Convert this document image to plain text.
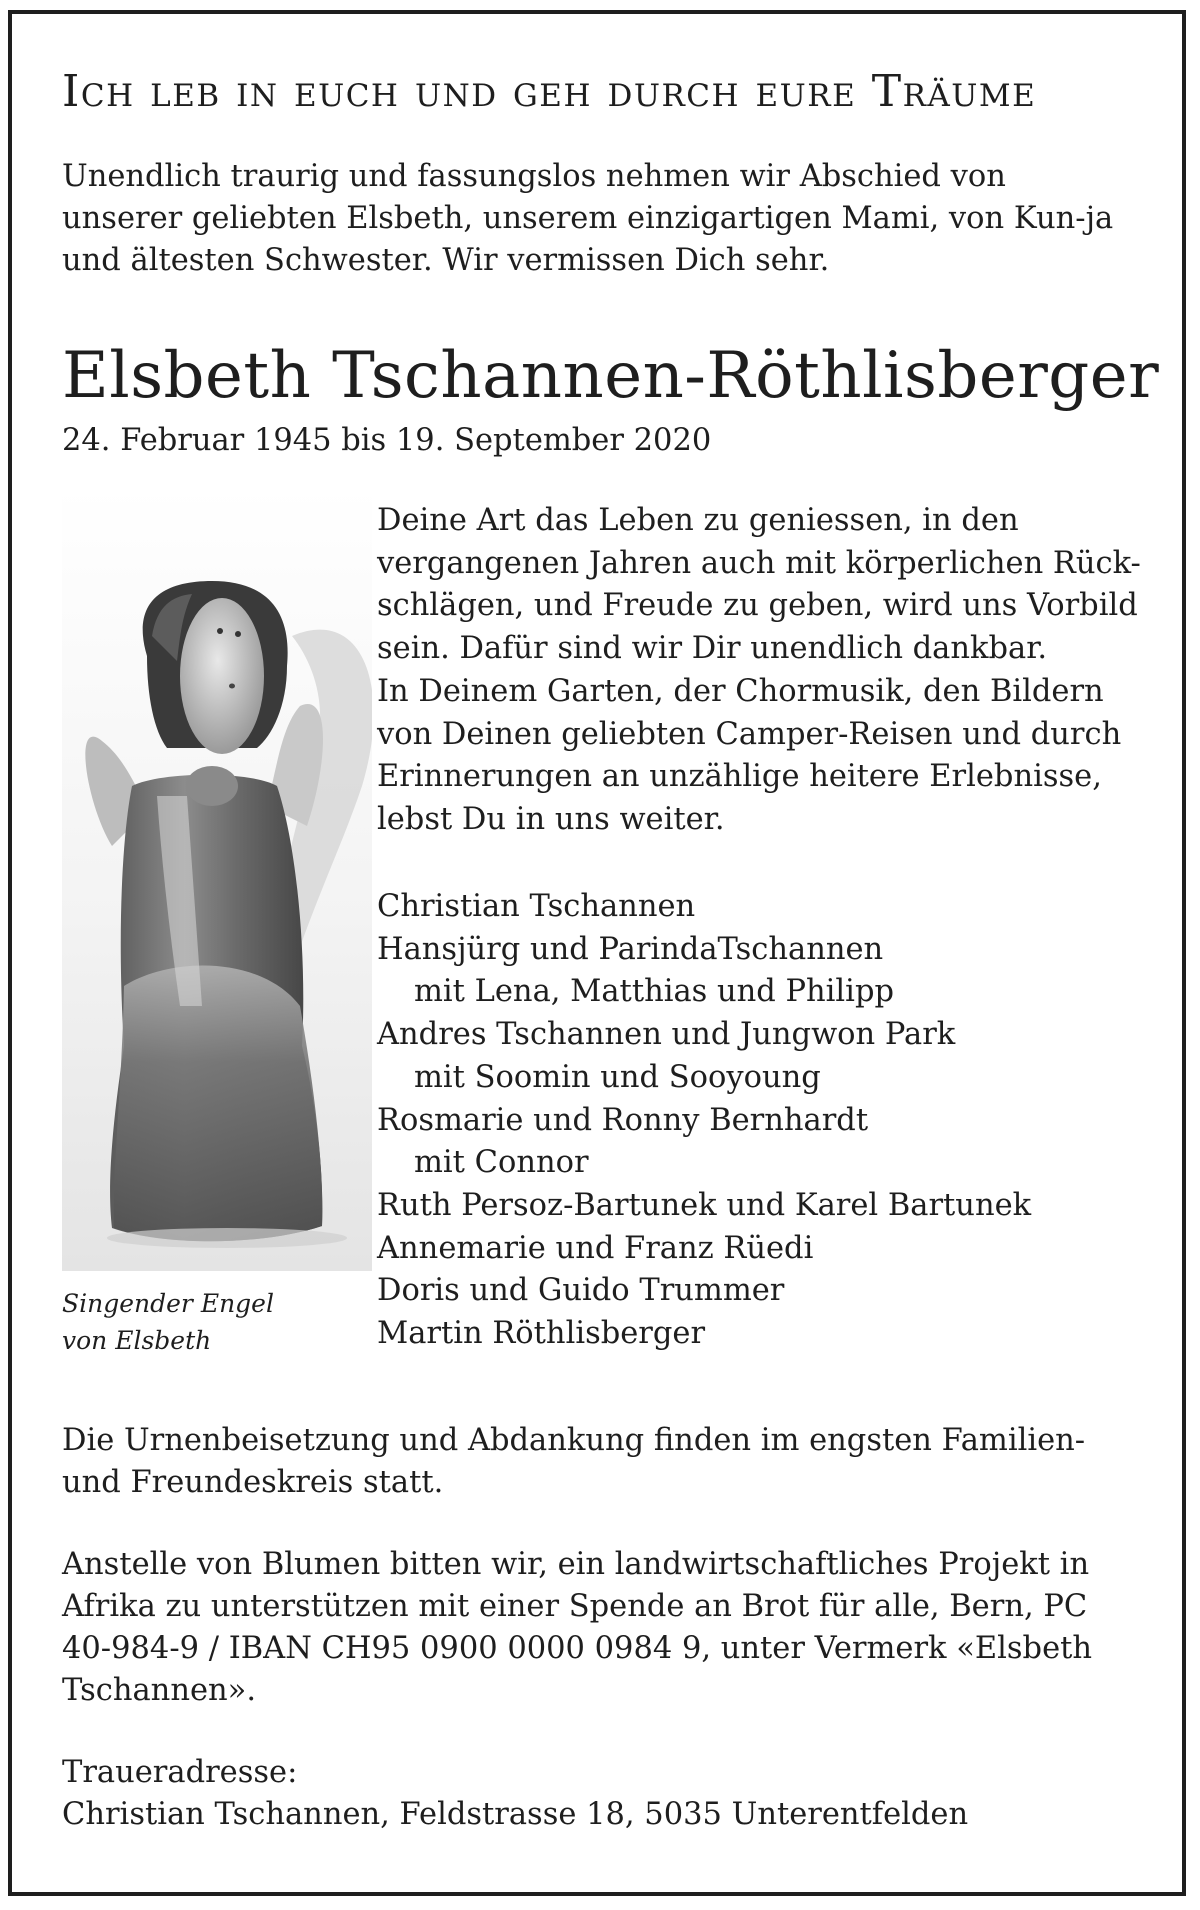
Ich leb in euch und geh durch eure Träume

Unendlich traurig und fassungslos nehmen wir Abschied von
unserer geliebten Elsbeth, unserem einzigartigen Mami, von Kun-ja
und ältesten Schwester. Wir vermissen Dich sehr.

Elsbeth Tschannen-Röthlisberger
24. Februar 1945 bis 19. September 2020
Singender Engel
von Elsbeth
Deine Art das Leben zu geniessen, in den
vergangenen Jahren auch mit körperlichen Rück-
schlägen, und Freude zu geben, wird uns Vorbild
sein. Dafür sind wir Dir unendlich dankbar.
In Deinem Garten, der Chormusik, den Bildern
von Deinen geliebten Camper-Reisen und durch
Erinnerungen an unzählige heitere Erlebnisse,
lebst Du in uns weiter.
Christian Tschannen
Hansjürg und ParindaTschannen
mit Lena, Matthias und Philipp
Andres Tschannen und Jungwon Park
mit Soomin und Sooyoung
Rosmarie und Ronny Bernhardt
mit Connor
Ruth Persoz-Bartunek und Karel Bartunek
Annemarie und Franz Rüedi
Doris und Guido Trummer
Martin Röthlisberger

Die Urnenbeisetzung und Abdankung finden im engsten Familien-
und Freundeskreis statt.

Anstelle von Blumen bitten wir, ein landwirtschaftliches Projekt in
Afrika zu unterstützen mit einer Spende an Brot für alle, Bern, PC
40-984-9 / IBAN CH95 0900 0000 0984 9, unter Vermerk «Elsbeth
Tschannen».

Traueradresse:
Christian Tschannen, Feldstrasse 18, 5035 Unterentfelden
